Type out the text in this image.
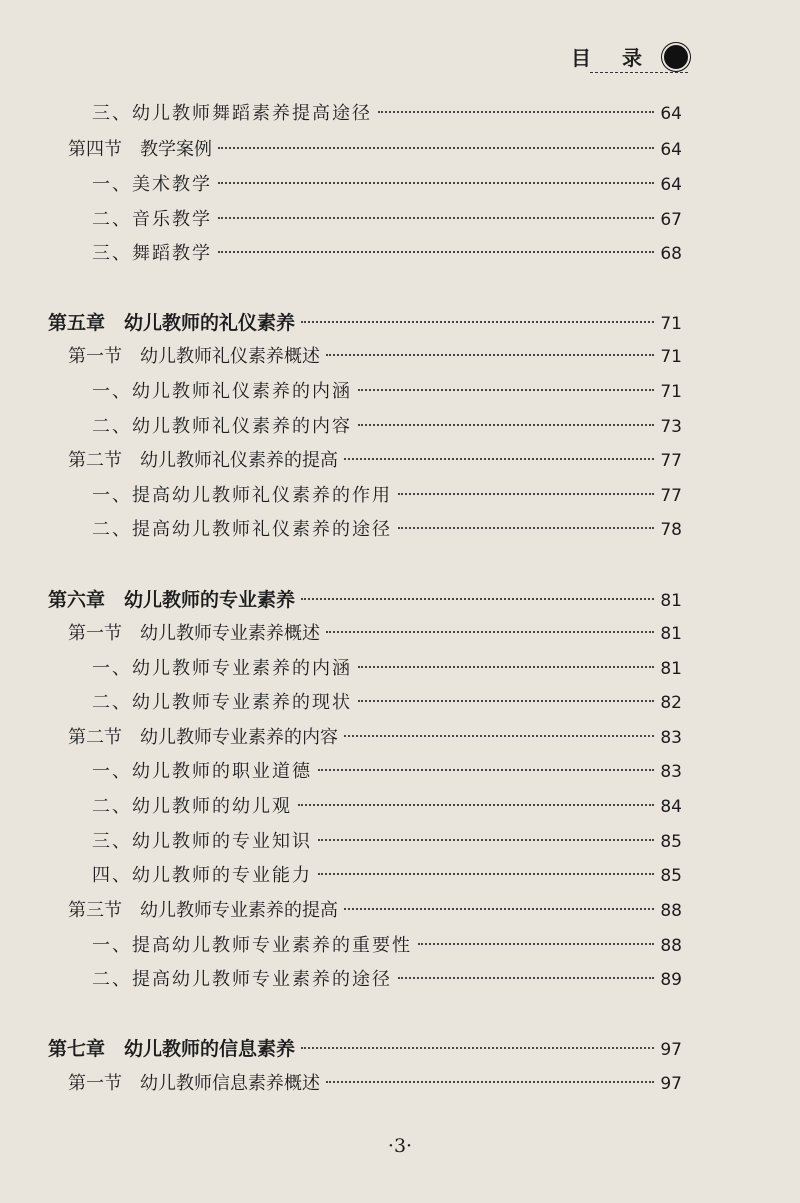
目 录
三、幼儿教师舞蹈素养提高途径	64
第四节　教学案例	64
一、美术教学	64
二、音乐教学	67
三、舞蹈教学	68
第五章　幼儿教师的礼仪素养	71
第一节　幼儿教师礼仪素养概述	71
一、幼儿教师礼仪素养的内涵	71
二、幼儿教师礼仪素养的内容	73
第二节　幼儿教师礼仪素养的提高	77
一、提高幼儿教师礼仪素养的作用	77
二、提高幼儿教师礼仪素养的途径	78
第六章　幼儿教师的专业素养	81
第一节　幼儿教师专业素养概述	81
一、幼儿教师专业素养的内涵	81
二、幼儿教师专业素养的现状	82
第二节　幼儿教师专业素养的内容	83
一、幼儿教师的职业道德	83
二、幼儿教师的幼儿观	84
三、幼儿教师的专业知识	85
四、幼儿教师的专业能力	85
第三节　幼儿教师专业素养的提高	88
一、提高幼儿教师专业素养的重要性	88
二、提高幼儿教师专业素养的途径	89
第七章　幼儿教师的信息素养	97
第一节　幼儿教师信息素养概述	97
·3·
